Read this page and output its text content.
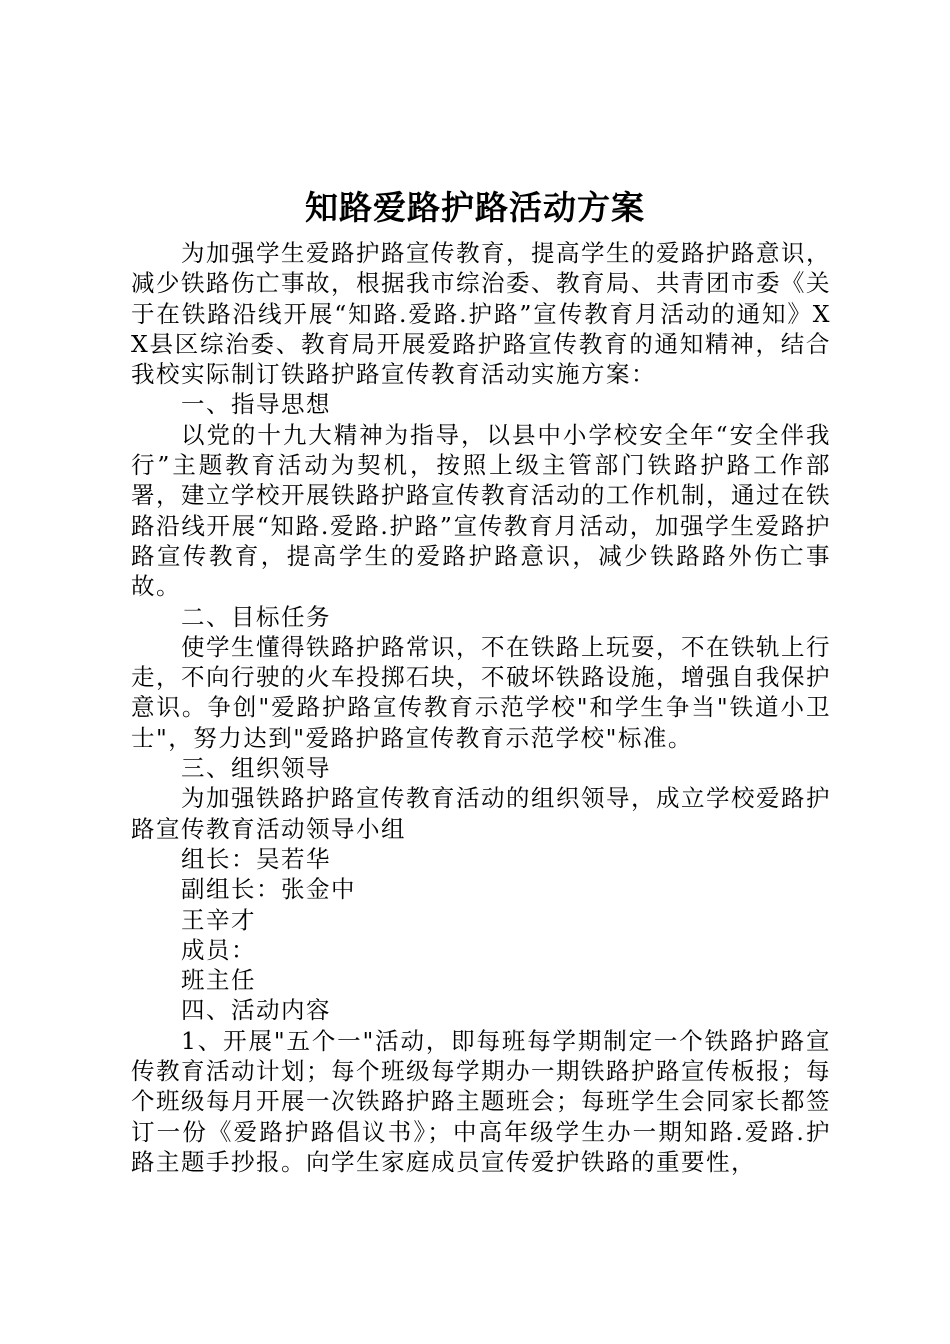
知路爱路护路活动方案

为加强学生爱路护路宣传教育，提高学生的爱路护路意识，减少铁路伤亡事故，根据我市综治委、教育局、共青团市委《关于在铁路沿线开展“知路.爱路.护路”宣传教育月活动的通知》XX县区综治委、教育局开展爱路护路宣传教育的通知精神，结合我校实际制订铁路护路宣传教育活动实施方案：

一、指导思想

以党的十九大精神为指导，以县中小学校安全年“安全伴我行”主题教育活动为契机，按照上级主管部门铁路护路工作部署，建立学校开展铁路护路宣传教育活动的工作机制，通过在铁路沿线开展“知路.爱路.护路”宣传教育月活动，加强学生爱路护路宣传教育，提高学生的爱路护路意识，减少铁路路外伤亡事故。

二、目标任务

使学生懂得铁路护路常识，不在铁路上玩耍，不在铁轨上行走，不向行驶的火车投掷石块，不破坏铁路设施，增强自我保护意识。争创"爱路护路宣传教育示范学校"和学生争当"铁道小卫士"，努力达到"爱路护路宣传教育示范学校"标准。

三、组织领导

为加强铁路护路宣传教育活动的组织领导，成立学校爱路护路宣传教育活动领导小组

组长：吴若华

副组长：张金中

王辛才

成员：

班主任

四、活动内容

1、开展"五个一"活动，即每班每学期制定一个铁路护路宣传教育活动计划；每个班级每学期办一期铁路护路宣传板报；每个班级每月开展一次铁路护路主题班会；每班学生会同家长都签订一份《爱路护路倡议书》；中高年级学生办一期知路.爱路.护路主题手抄报。向学生家庭成员宣传爱护铁路的重要性，
